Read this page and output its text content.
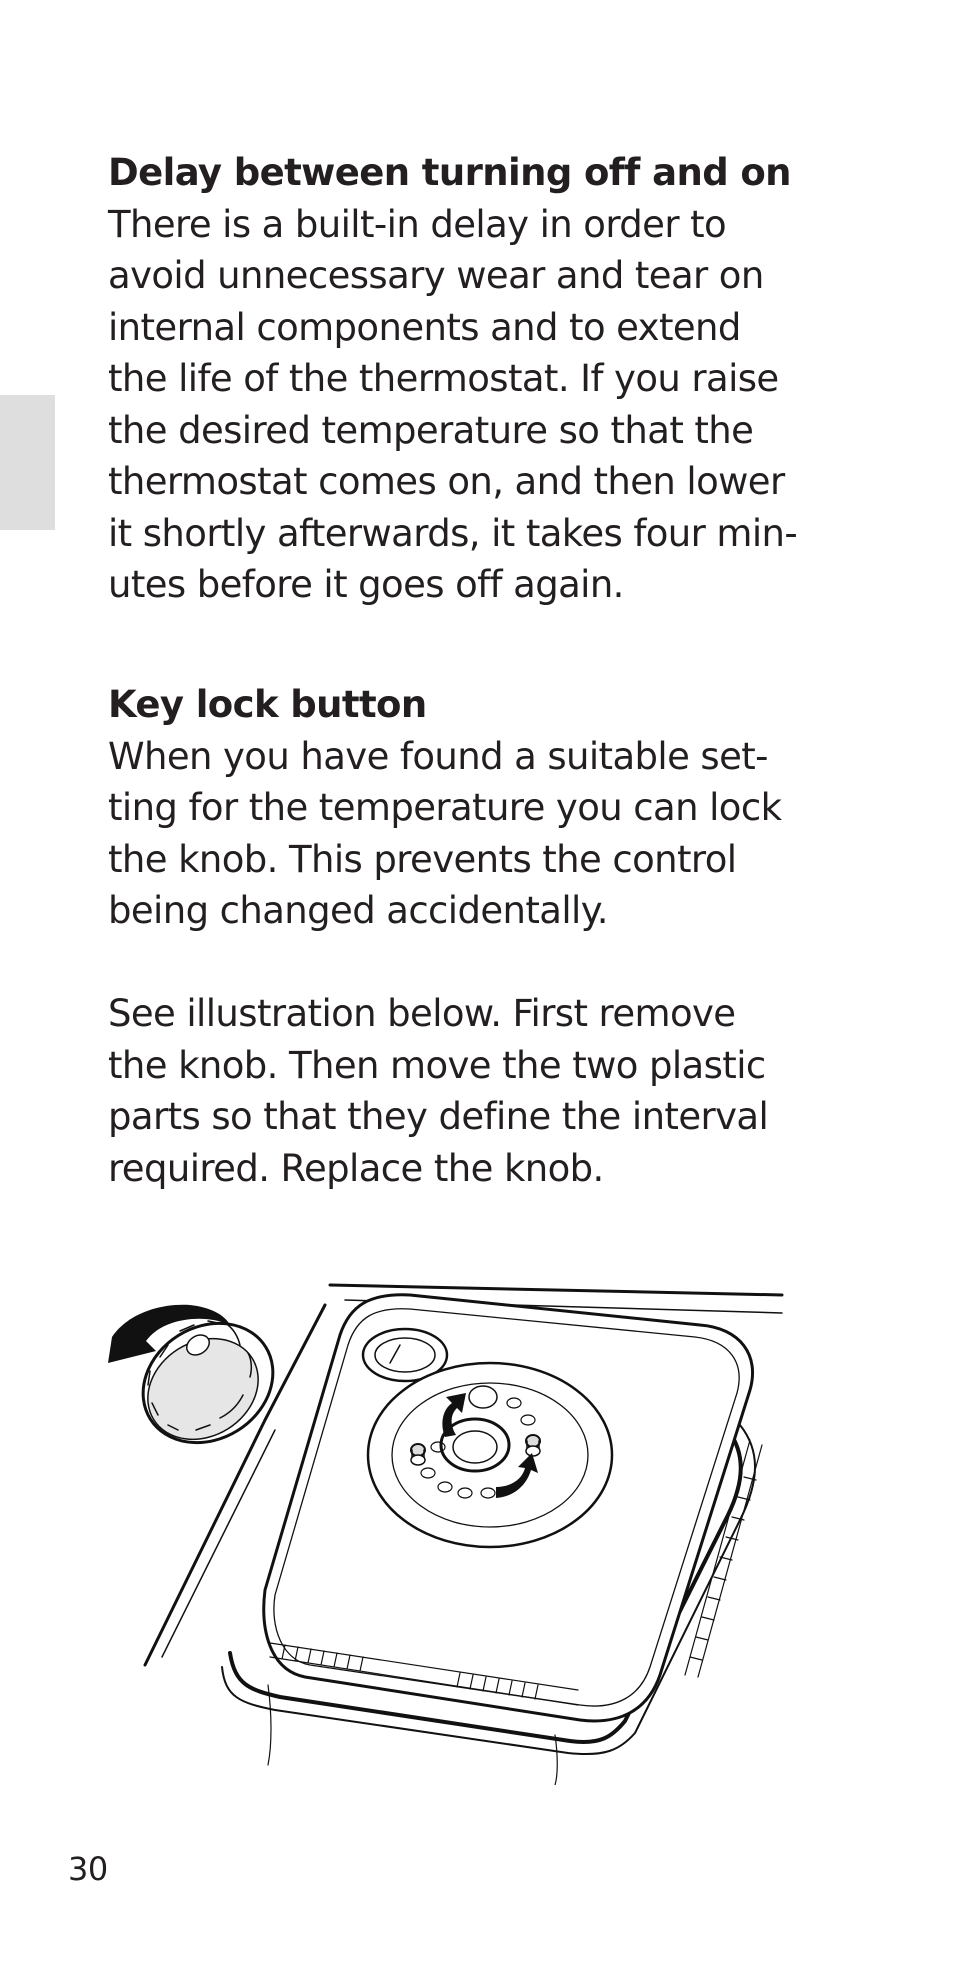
Delay between turning off and on
There is a built-in delay in order to
avoid unnecessary wear and tear on
internal components and to extend
the life of the thermostat. If you raise
the desired temperature so that the
thermostat comes on, and then lower
it shortly afterwards, it takes four min-
utes before it goes off again.
Key lock button
When you have found a suitable set-
ting for the temperature you can lock
the knob. This prevents the control
being changed accidentally.
See illustration below. First remove
the knob. Then move the two plastic
parts so that they define the interval
required. Replace the knob.
30
